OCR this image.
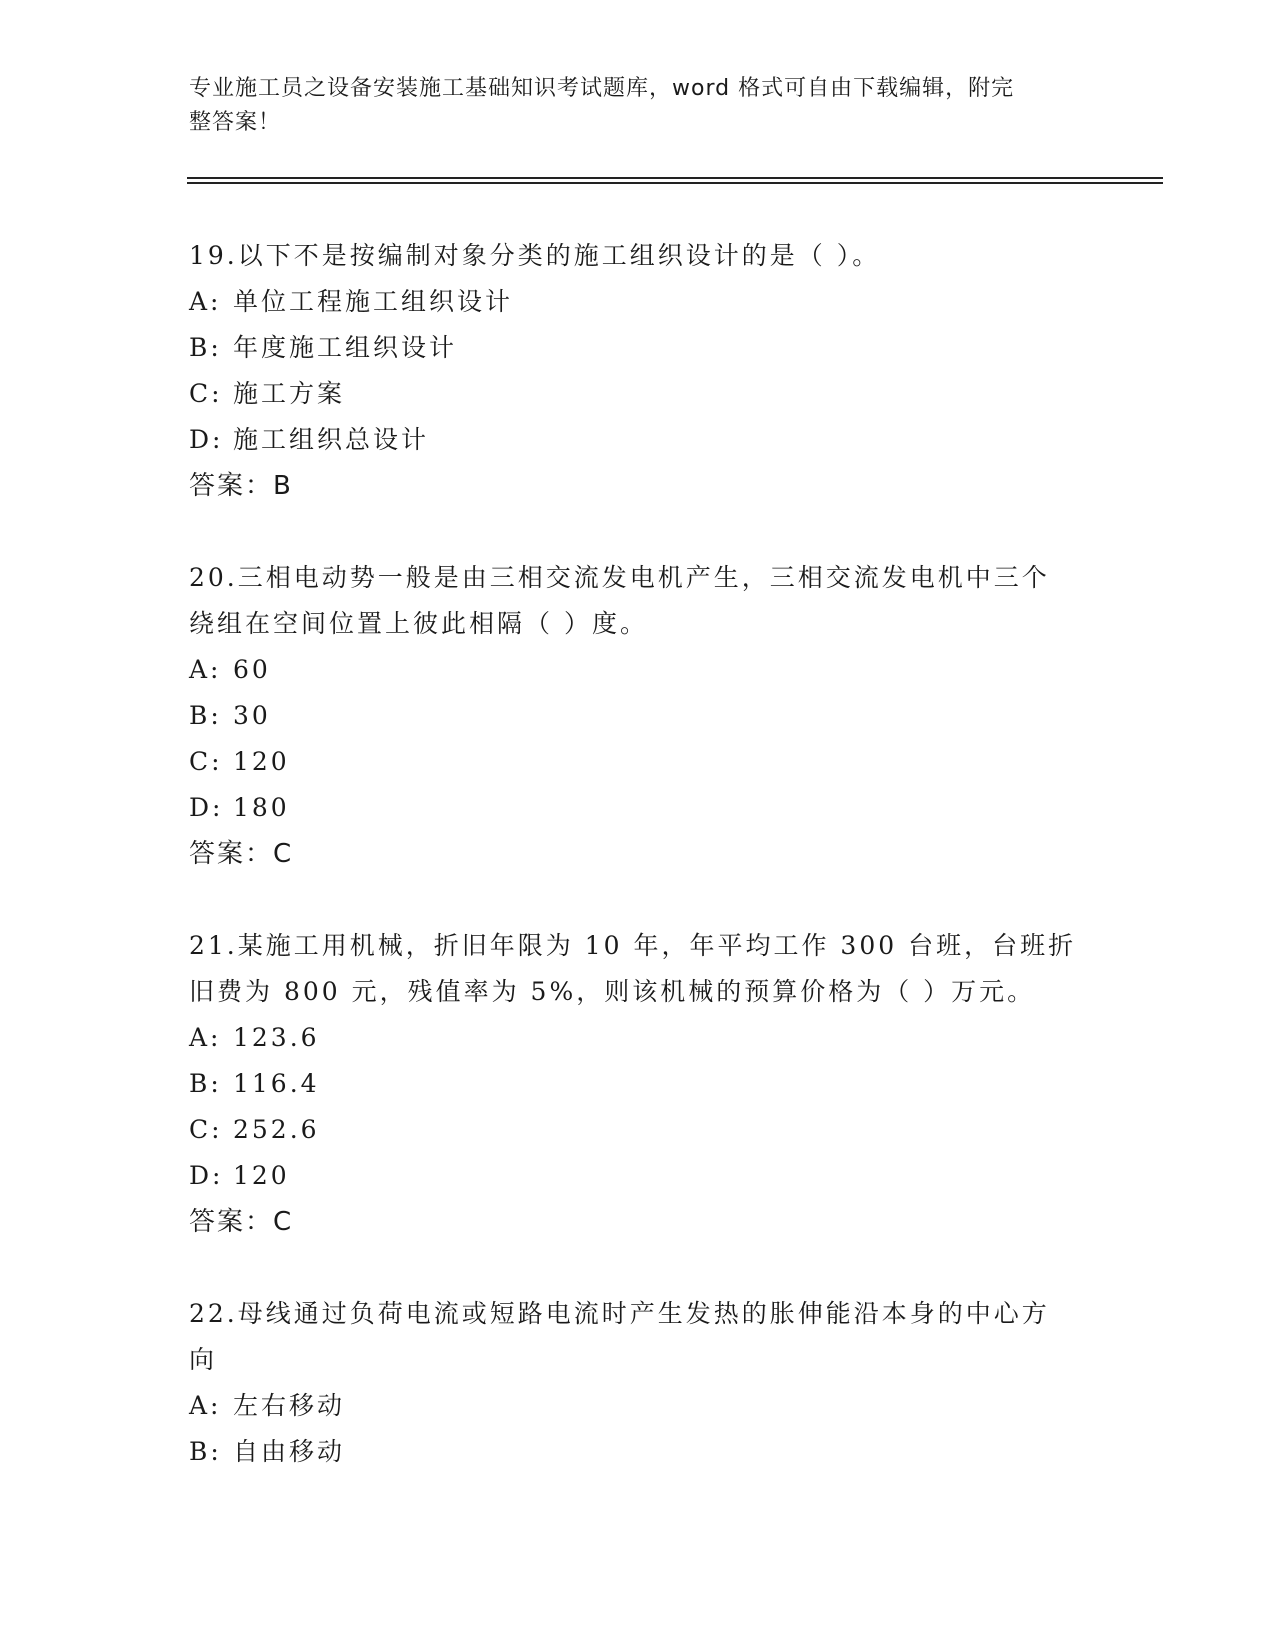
专业施工员之设备安装施工基础知识考试题库，word 格式可自由下载编辑，附完
整答案！
19.以下不是按编制对象分类的施工组织设计的是（ ）。
A: 单位工程施工组织设计
B: 年度施工组织设计
C: 施工方案
D: 施工组织总设计
答案：B
20.三相电动势一般是由三相交流发电机产生，三相交流发电机中三个
绕组在空间位置上彼此相隔（ ）度。
A: 60
B: 30
C: 120
D: 180
答案：C
21.某施工用机械，折旧年限为 10 年，年平均工作 300 台班，台班折
旧费为 800 元，残值率为 5%，则该机械的预算价格为（ ）万元。
A: 123.6
B: 116.4
C: 252.6
D: 120
答案：C
22.母线通过负荷电流或短路电流时产生发热的胀伸能沿本身的中心方
向
A: 左右移动
B: 自由移动
